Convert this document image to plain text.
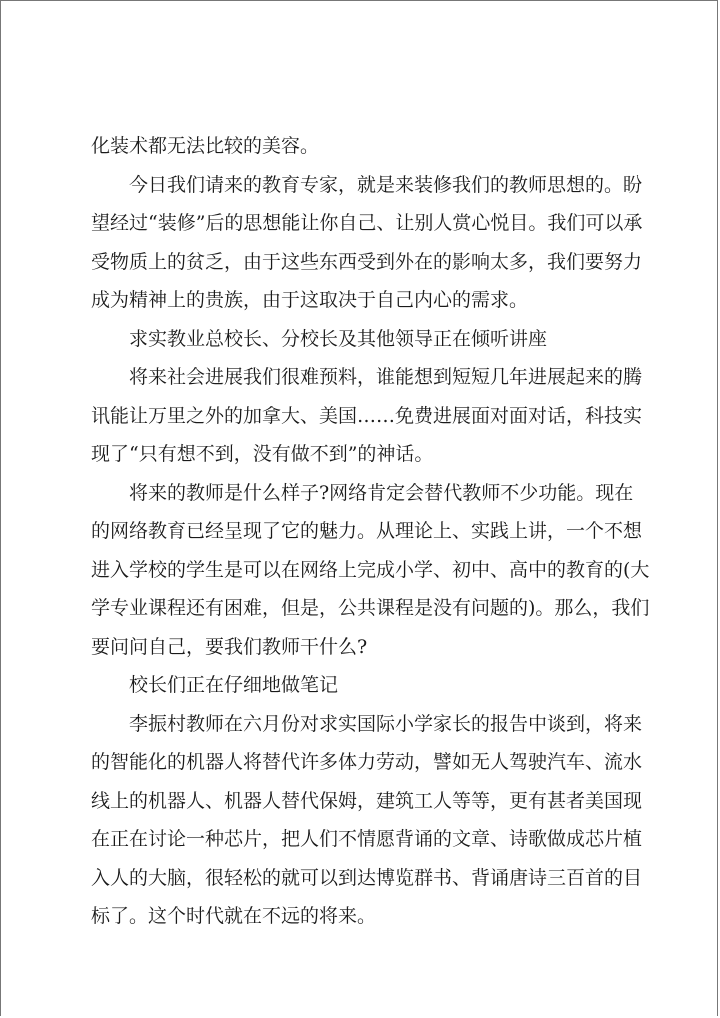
化装术都无法比较的美容。

今日我们请来的教育专家，就是来装修我们的教师思想的。盼望经过“装修”后的思想能让你自己、让别人赏心悦目。我们可以承受物质上的贫乏，由于这些东西受到外在的影响太多，我们要努力成为精神上的贵族，由于这取决于自己内心的需求。

求实教业总校长、分校长及其他领导正在倾听讲座

将来社会进展我们很难预料，谁能想到短短几年进展起来的腾讯能让万里之外的加拿大、美国……免费进展面对面对话，科技实现了“只有想不到，没有做不到”的神话。

将来的教师是什么样子?网络肯定会替代教师不少功能。现在的网络教育已经呈现了它的魅力。从理论上、实践上讲，一个不想进入学校的学生是可以在网络上完成小学、初中、高中的教育的(大学专业课程还有困难，但是，公共课程是没有问题的)。那么，我们要问问自己，要我们教师干什么?

校长们正在仔细地做笔记

李振村教师在六月份对求实国际小学家长的报告中谈到，将来的智能化的机器人将替代许多体力劳动，譬如无人驾驶汽车、流水线上的机器人、机器人替代保姆，建筑工人等等，更有甚者美国现在正在讨论一种芯片，把人们不情愿背诵的文章、诗歌做成芯片植入人的大脑，很轻松的就可以到达博览群书、背诵唐诗三百首的目标了。这个时代就在不远的将来。
